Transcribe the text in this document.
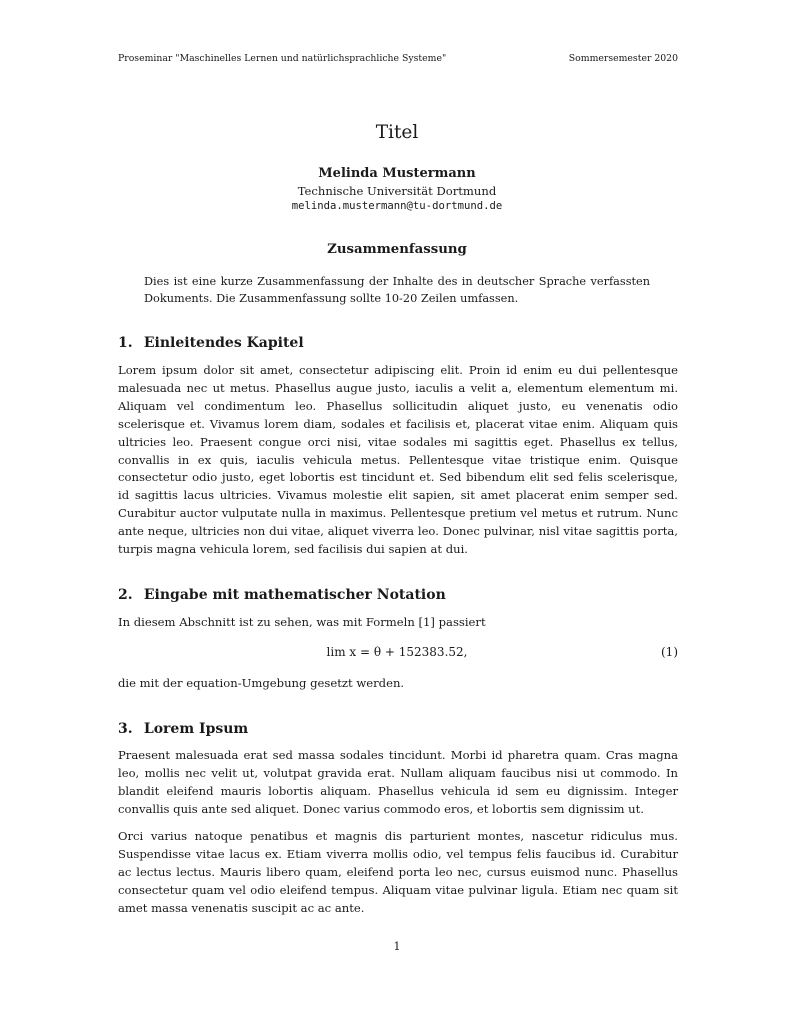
Proseminar "Maschinelles Lernen und natürlichsprachliche Systeme"	Sommersemester 2020
Titel
Melinda Mustermann
Technische Universität Dortmund
melinda.mustermann@tu-dortmund.de
Zusammenfassung
Dies ist eine kurze Zusammenfassung der Inhalte des in deutscher Sprache verfassten Dokuments. Die Zusammenfassung sollte 10-20 Zeilen umfassen.
1. Einleitendes Kapitel
Lorem ipsum dolor sit amet, consectetur adipiscing elit. Proin id enim eu dui pellentesque malesuada nec ut metus. Phasellus augue justo, iaculis a velit a, elementum elementum mi. Aliquam vel condimentum leo. Phasellus sollicitudin aliquet justo, eu venenatis odio scelerisque et. Vivamus lorem diam, sodales et facilisis et, placerat vitae enim. Aliquam quis ultricies leo. Praesent congue orci nisi, vitae sodales mi sagittis eget. Phasellus ex tellus, convallis in ex quis, iaculis vehicula metus. Pellentesque vitae tristique enim. Quisque consectetur odio justo, eget lobortis est tincidunt et. Sed bibendum elit sed felis scelerisque, id sagittis lacus ultricies. Vivamus molestie elit sapien, sit amet placerat enim semper sed. Curabitur auctor vulputate nulla in maximus. Pellentesque pretium vel metus et rutrum. Nunc ante neque, ultricies non dui vitae, aliquet viverra leo. Donec pulvinar, nisl vitae sagittis porta, turpis magna vehicula lorem, sed facilisis dui sapien at dui.
2. Eingabe mit mathematischer Notation
In diesem Abschnitt ist zu sehen, was mit Formeln [1] passiert
lim x = θ + 152383.52,	(1)
die mit der equation-Umgebung gesetzt werden.
3. Lorem Ipsum
Praesent malesuada erat sed massa sodales tincidunt. Morbi id pharetra quam. Cras magna leo, mollis nec velit ut, volutpat gravida erat. Nullam aliquam faucibus nisi ut commodo. In blandit eleifend mauris lobortis aliquam. Phasellus vehicula id sem eu dignissim. Integer convallis quis ante sed aliquet. Donec varius commodo eros, et lobortis sem dignissim ut.
Orci varius natoque penatibus et magnis dis parturient montes, nascetur ridiculus mus. Suspendisse vitae lacus ex. Etiam viverra mollis odio, vel tempus felis faucibus id. Curabitur ac lectus lectus. Mauris libero quam, eleifend porta leo nec, cursus euismod nunc. Phasellus consectetur quam vel odio eleifend tempus. Aliquam vitae pulvinar ligula. Etiam nec quam sit amet massa venenatis suscipit ac ac ante.
1
